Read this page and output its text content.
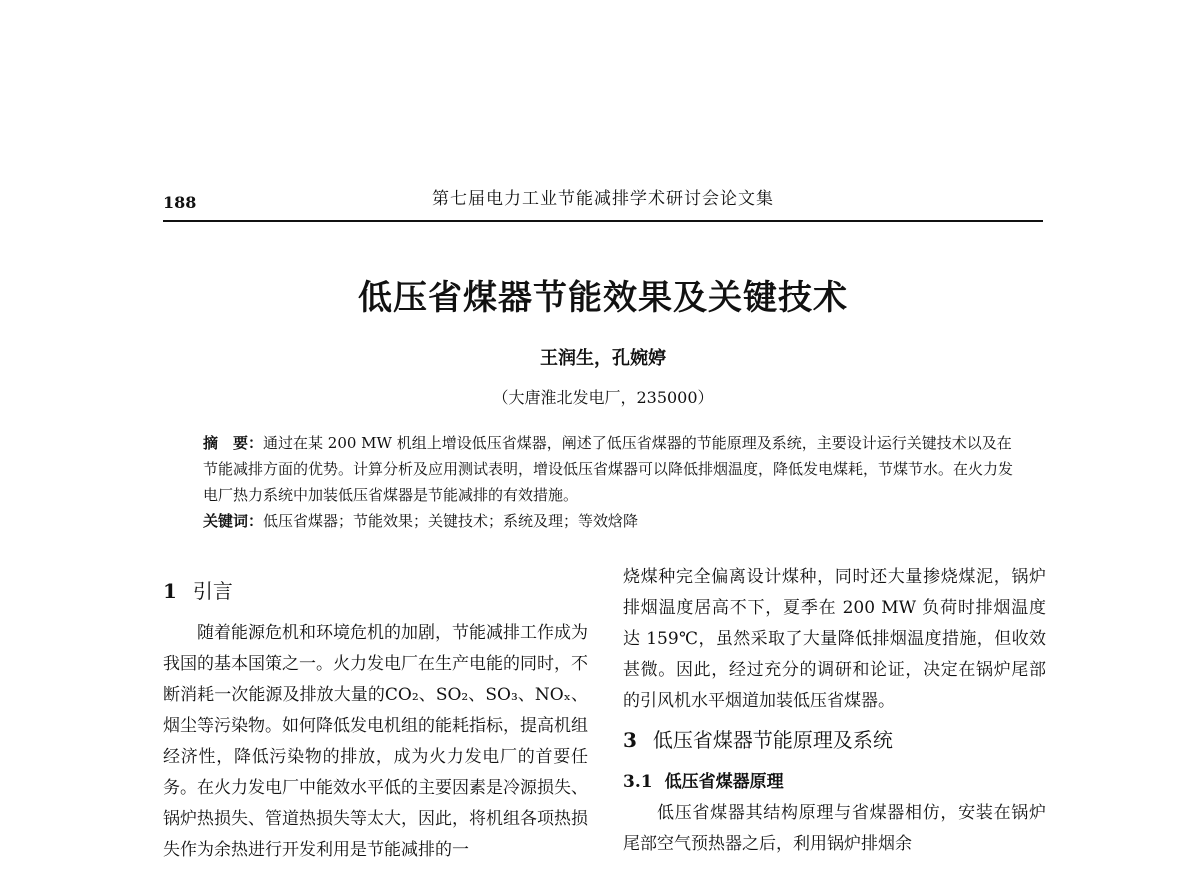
188	第七届电力工业节能减排学术研讨会论文集
低压省煤器节能效果及关键技术
王润生，孔婉婷
（大唐淮北发电厂，235000）

摘　要：通过在某 200 MW 机组上增设低压省煤器，阐述了低压省煤器的节能原理及系统，主要设计运行关键技术以及在节能减排方面的优势。计算分析及应用测试表明，增设低压省煤器可以降低排烟温度，降低发电煤耗，节煤节水。在火力发电厂热力系统中加装低压省煤器是节能减排的有效措施。

关键词：低压省煤器；节能效果；关键技术；系统及理；等效焓降

1 引言

随着能源危机和环境危机的加剧，节能减排工作成为我国的基本国策之一。火力发电厂在生产电能的同时，不断消耗一次能源及排放大量的CO₂、SO₂、SO₃、NOₓ、烟尘等污染物。如何降低发电机组的能耗指标，提高机组经济性，降低污染物的排放，成为火力发电厂的首要任务。在火力发电厂中能效水平低的主要因素是冷源损失、锅炉热损失、管道热损失等太大，因此，将机组各项热损失作为余热进行开发利用是节能减排的一

烧煤种完全偏离设计煤种，同时还大量掺烧煤泥，锅炉排烟温度居高不下，夏季在 200 MW 负荷时排烟温度达 159℃，虽然采取了大量降低排烟温度措施，但收效甚微。因此，经过充分的调研和论证，决定在锅炉尾部的引风机水平烟道加装低压省煤器。

3 低压省煤器节能原理及系统
3.1 低压省煤器原理

低压省煤器其结构原理与省煤器相仿，安装在锅炉尾部空气预热器之后，利用锅炉排烟余
